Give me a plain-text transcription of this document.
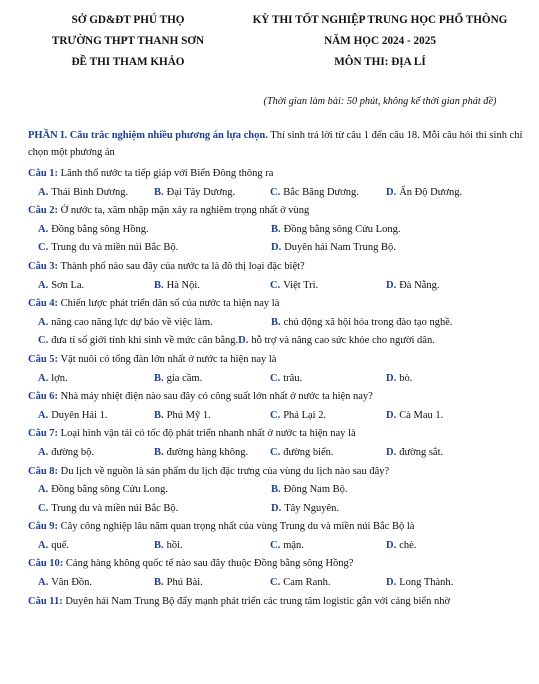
SỞ GD&ĐT PHÚ THỌ
TRƯỜNG THPT THANH SƠN
ĐỀ THI THAM KHẢO
KỲ THI TỐT NGHIỆP TRUNG HỌC PHỔ THÔNG
NĂM HỌC 2024 - 2025
MÔN THI: ĐỊA LÍ
(Thời gian làm bài: 50 phút, không kể thời gian phát đề)
PHẦN I. Câu trắc nghiệm nhiều phương án lựa chọn. Thí sinh trả lời từ câu 1 đến câu 18. Mỗi câu hỏi thí sinh chỉ chọn một phương án
Câu 1: Lãnh thổ nước ta tiếp giáp với Biển Đông thông ra
A. Thái Bình Dương.	B. Đại Tây Dương.	C. Bắc Băng Dương.	D. Ấn Độ Dương.
Câu 2: Ở nước ta, xâm nhập mặn xảy ra nghiêm trọng nhất ở vùng
A. Đồng bằng sông Hồng.	B. Đồng bằng sông Cửu Long.
C. Trung du và miền núi Bắc Bộ.	D. Duyên hải Nam Trung Bộ.
Câu 3: Thành phố nào sau đây của nước ta là đô thị loại đặc biệt?
A. Sơn La.	B. Hà Nội.	C. Việt Trì.	D. Đà Nẵng.
Câu 4: Chiến lược phát triển dân số của nước ta hiện nay là
A. nâng cao năng lực dự báo về việc làm.	B. chủ động xã hội hóa trong đào tạo nghề.
C. đưa tỉ số giới tính khi sinh về mức cân bằng. D. hỗ trợ và nâng cao sức khỏe cho người dân.
Câu 5: Vật nuôi có tổng đàn lớn nhất ở nước ta hiện nay là
A. lợn.	B. gia cầm.	C. trâu.	D. bò.
Câu 6: Nhà máy nhiệt điện nào sau đây có công suất lớn nhất ở nước ta hiện nay?
A. Duyên Hải 1.	B. Phú Mỹ 1.	C. Phả Lại 2.	D. Cà Mau 1.
Câu 7: Loại hình vận tải có tốc độ phát triển nhanh nhất ở nước ta hiện nay là
A. đường bộ.	B. đường hàng không.	C. đường biển.	D. đường sắt.
Câu 8: Du lịch về nguồn là sản phẩm du lịch đặc trưng của vùng du lịch nào sau đây?
A. Đồng bằng sông Cửu Long.	B. Đông Nam Bộ.
C. Trung du và miền núi Bắc Bộ.	D. Tây Nguyên.
Câu 9: Cây công nghiệp lâu năm quan trọng nhất của vùng Trung du và miền núi Bắc Bộ là
A. quế.	B. hồi.	C. mận.	D. chè.
Câu 10: Cảng hàng không quốc tế nào sau đây thuộc Đồng bằng sông Hồng?
A. Vân Đồn.	B. Phú Bài.	C. Cam Ranh.	D. Long Thành.
Câu 11: Duyên hải Nam Trung Bộ đẩy mạnh phát triển các trung tâm logistic gắn với cảng biển nhờ
